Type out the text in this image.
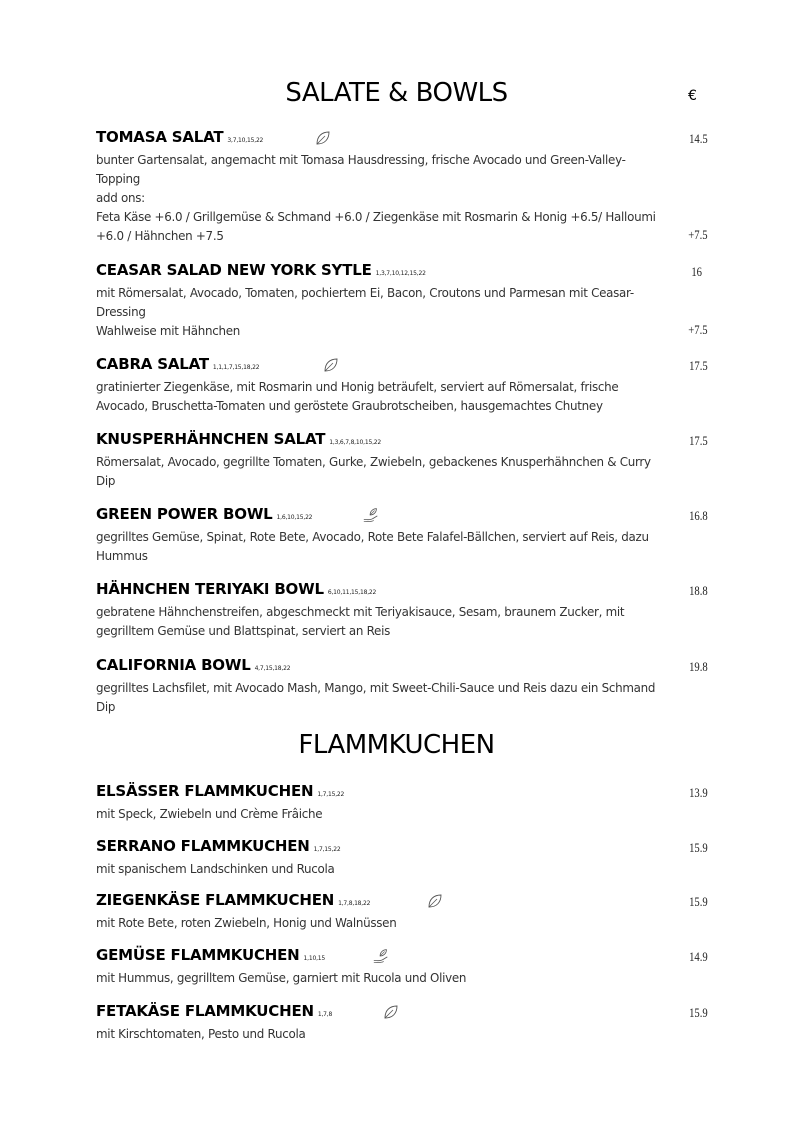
SALATE & BOWLS	€
TOMASA SALAT 3,7,10,15,22	14.5
bunter Gartensalat, angemacht mit Tomasa Hausdressing, frische Avocado und Green-Valley-Topping
add ons:
Feta Käse +6.0 / Grillgemüse & Schmand +6.0 / Ziegenkäse mit Rosmarin & Honig +6.5/ Halloumi +6.0 / Hähnchen +7.5	+7.5
CEASAR SALAD NEW YORK SYTLE 1,3,7,10,12,15,22	16
mit Römersalat, Avocado, Tomaten, pochiertem Ei, Bacon, Croutons und Parmesan mit Ceasar-Dressing
Wahlweise mit Hähnchen	+7.5
CABRA SALAT 1,1,1,7,15,18,22	17.5
gratinierter Ziegenkäse, mit Rosmarin und Honig beträufelt, serviert auf Römersalat, frische Avocado, Bruschetta-Tomaten und geröstete Graubrotscheiben, hausgemachtes Chutney
KNUSPERHÄHNCHEN SALAT 1,3,6,7,8,10,15,22	17.5
Römersalat, Avocado, gegrillte Tomaten, Gurke, Zwiebeln, gebackenes Knusperhähnchen & Curry Dip
GREEN POWER BOWL 1,6,10,15,22	16.8
gegrilltes Gemüse, Spinat, Rote Bete, Avocado, Rote Bete Falafel-Bällchen, serviert auf Reis, dazu Hummus
HÄHNCHEN TERIYAKI BOWL 6,10,11,15,18,22	18.8
gebratene Hähnchenstreifen, abgeschmeckt mit Teriyakisauce, Sesam, braunem Zucker, mit gegrilltem Gemüse und Blattspinat, serviert an Reis
CALIFORNIA BOWL 4,7,15,18,22	19.8
gegrilltes Lachsfilet, mit Avocado Mash, Mango, mit Sweet-Chili-Sauce und Reis dazu ein Schmand Dip
FLAMMKUCHEN
ELSÄSSER FLAMMKUCHEN 1,7,15,22	13.9
mit Speck, Zwiebeln und Crème Frâiche
SERRANO FLAMMKUCHEN 1,7,15,22	15.9
mit spanischem Landschinken und Rucola
ZIEGENKÄSE FLAMMKUCHEN 1,7,8,18,22	15.9
mit Rote Bete, roten Zwiebeln, Honig und Walnüssen
GEMÜSE FLAMMKUCHEN 1,10,15	14.9
mit Hummus, gegrilltem Gemüse, garniert mit Rucola und Oliven
FETAKÄSE FLAMMKUCHEN 1,7,8	15.9
mit Kirschtomaten, Pesto und Rucola
